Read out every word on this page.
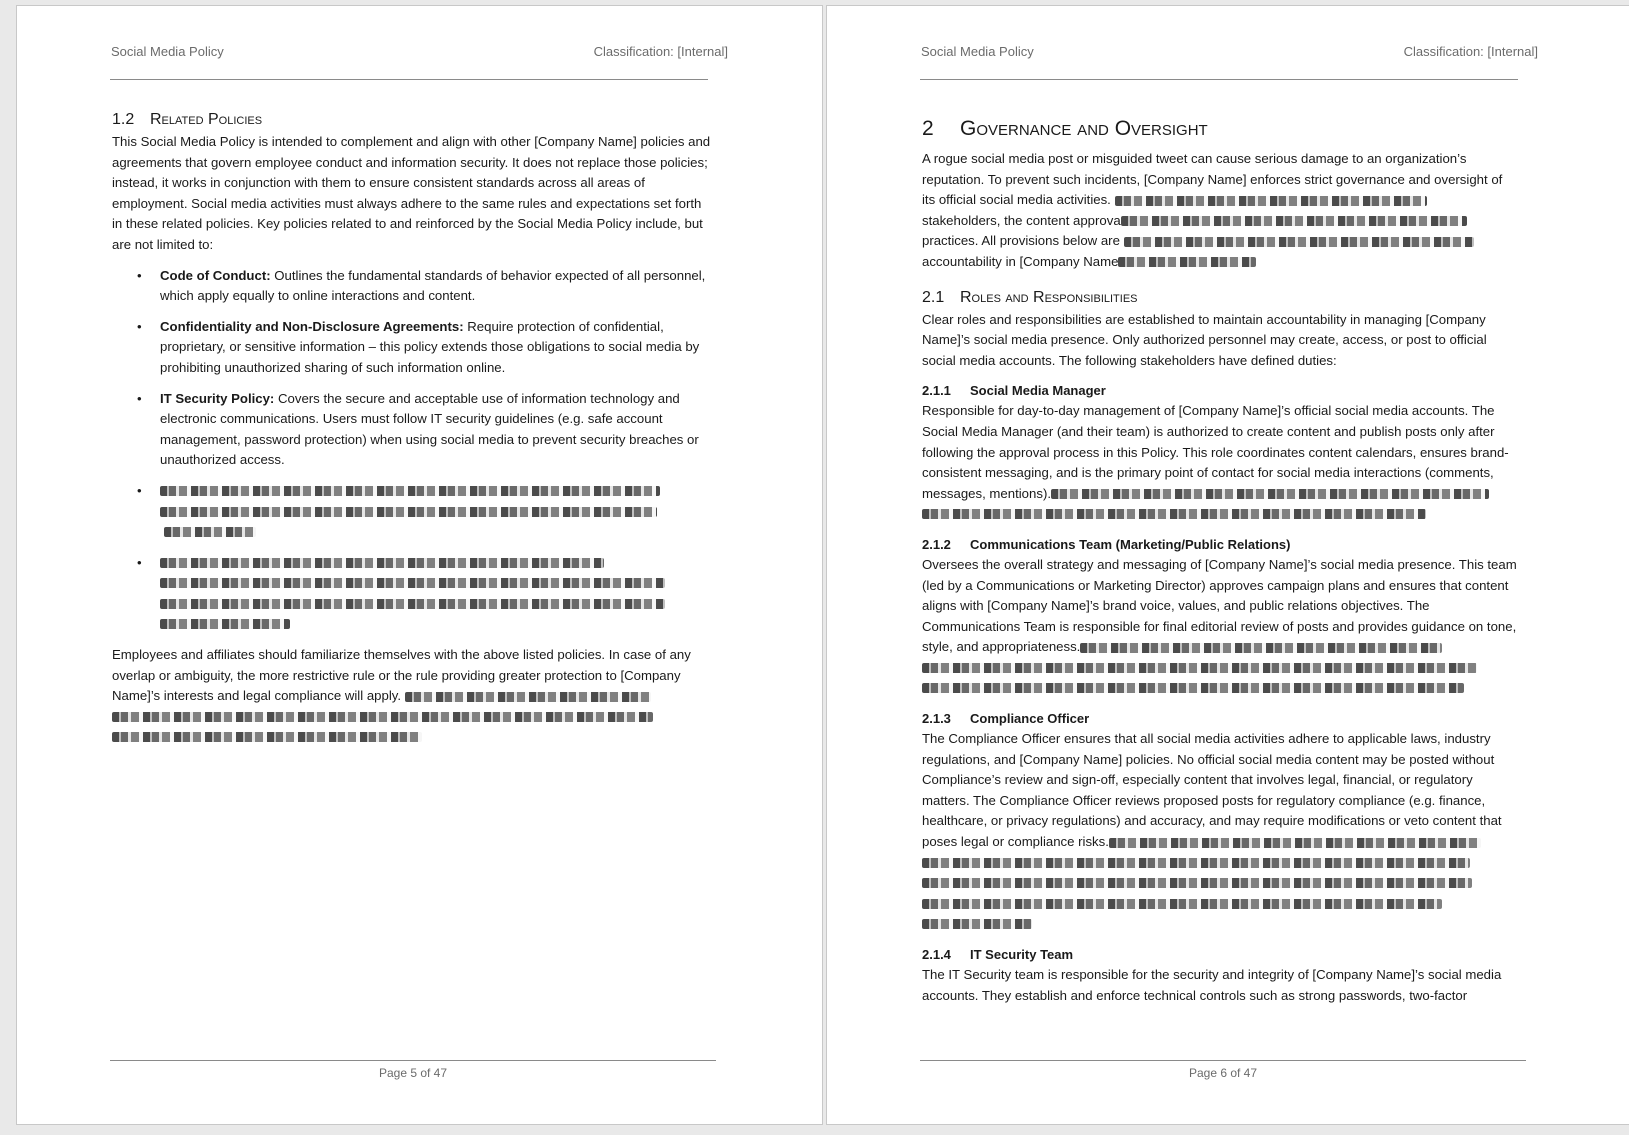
Social Media Policy	Classification: [Internal]
1.2 Related Policies

This Social Media Policy is intended to complement and align with other [Company Name] policies and agreements that govern employee conduct and information security. It does not replace those policies; instead, it works in conjunction with them to ensure consistent standards across all areas of employment. Social media activities must always adhere to the same rules and expectations set forth in these related policies. Key policies related to and reinforced by the Social Media Policy include, but are not limited to:

• Code of Conduct: Outlines the fundamental standards of behavior expected of all personnel, which apply equally to online interactions and content.
• Confidentiality and Non-Disclosure Agreements: Require protection of confidential, proprietary, or sensitive information – this policy extends those obligations to social media by prohibiting unauthorized sharing of such information online.
• IT Security Policy: Covers the secure and acceptable use of information technology and electronic communications. Users must follow IT security guidelines (e.g. safe account management, password protection) when using social media to prevent security breaches or unauthorized access.
•
•

Employees and affiliates should familiarize themselves with the above listed policies. In case of any overlap or ambiguity, the more restrictive rule or the rule providing greater protection to [Company Name]’s interests and legal compliance will apply.

Page 5 of 47
Social Media Policy	Classification: [Internal]
2 Governance and Oversight
A rogue social media post or misguided tweet can cause serious damage to an organization’s
reputation. To prevent such incidents, [Company Name] enforces strict governance and oversight of
its official social media activities.
stakeholders, the content approva
practices. All provisions below are
accountability in [Company Name
2.1 Roles and Responsibilities

Clear roles and responsibilities are established to maintain accountability in managing [Company Name]’s social media presence. Only authorized personnel may create, access, or post to official social media accounts. The following stakeholders have defined duties:

2.1.1 Social Media Manager

Responsible for day-to-day management of [Company Name]’s official social media accounts. The Social Media Manager (and their team) is authorized to create content and publish posts only after following the approval process in this Policy. This role coordinates content calendars, ensures brand-consistent messaging, and is the primary point of contact for social media interactions (comments, messages, mentions).

2.1.2 Communications Team (Marketing/Public Relations)

Oversees the overall strategy and messaging of [Company Name]’s social media presence. This team (led by a Communications or Marketing Director) approves campaign plans and ensures that content aligns with [Company Name]’s brand voice, values, and public relations objectives. The Communications Team is responsible for final editorial review of posts and provides guidance on tone, style, and appropriateness.

2.1.3 Compliance Officer

The Compliance Officer ensures that all social media activities adhere to applicable laws, industry regulations, and [Company Name] policies. No official social media content may be posted without Compliance’s review and sign-off, especially content that involves legal, financial, or regulatory matters. The Compliance Officer reviews proposed posts for regulatory compliance (e.g. finance, healthcare, or privacy regulations) and accuracy, and may require modifications or veto content that poses legal or compliance risks.

2.1.4 IT Security Team

The IT Security team is responsible for the security and integrity of [Company Name]’s social media accounts. They establish and enforce technical controls such as strong passwords, two-factor

Page 6 of 47
